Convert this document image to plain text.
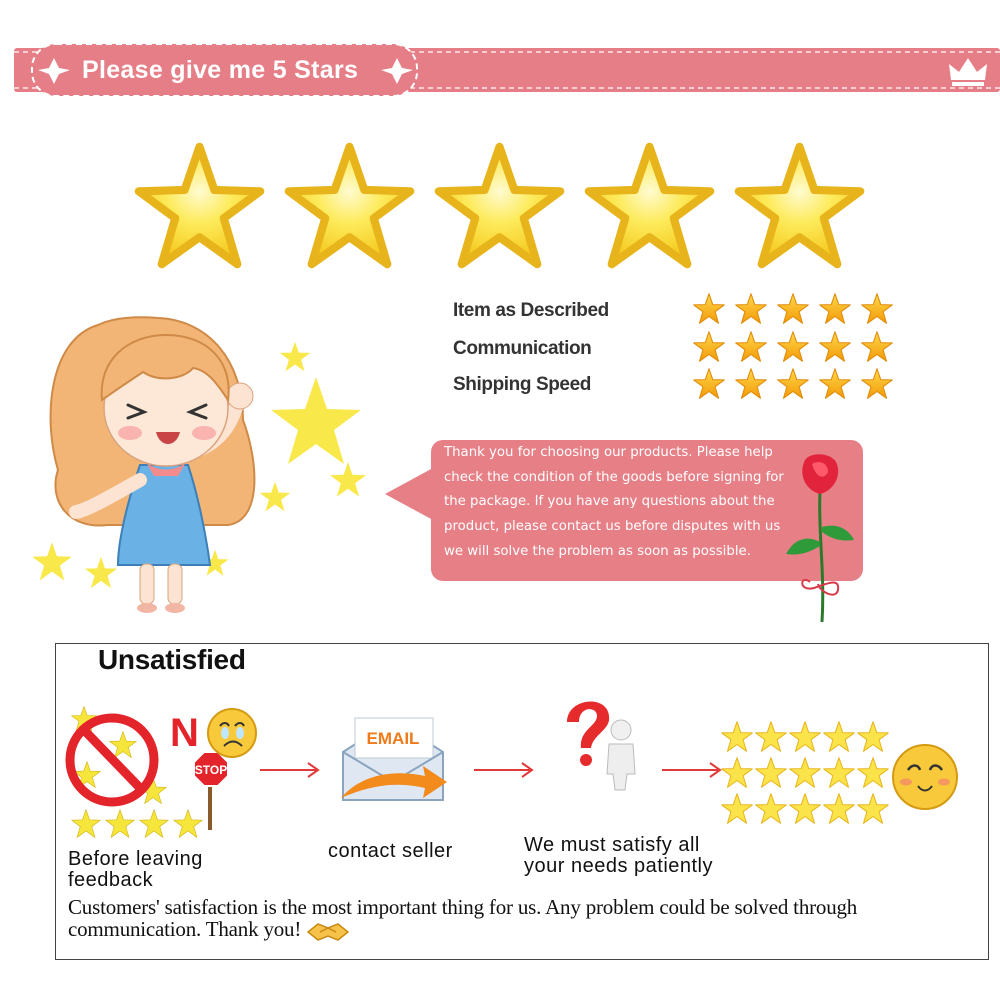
Please give me 5 Stars
Item as Described
Communication
Shipping Speed
Thank you for choosing our products. Please help
check the condition of the goods before signing for
the package. If you have any questions about the
product, please contact us before disputes with us
we will solve the problem as soon as possible.
Unsatisfied
STOP
N	EMAIL
Before leaving
feedback
contact seller	We must satisfy all
your needs patiently
Customers' satisfaction is the most important thing for us. Any problem could be solved through
communication. Thank you!
